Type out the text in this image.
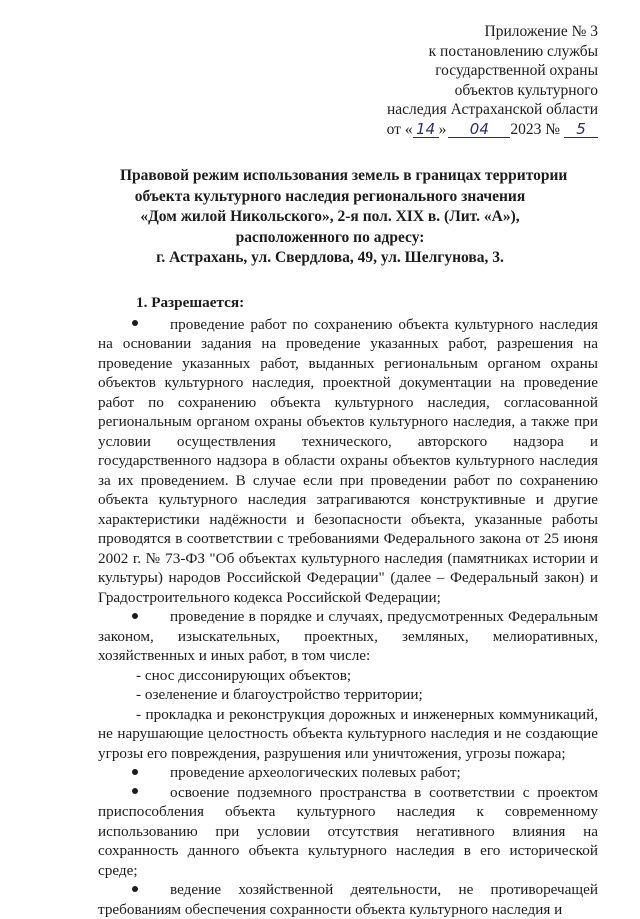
Приложение № 3
к постановлению службы
государственной охраны
объектов культурного
наследия Астраханской области
от « 14 » 04 2023 № 5
Правовой режим использования земель в границах территории
объекта культурного наследия регионального значения
«Дом жилой Никольского», 2-я пол. XIX в. (Лит. «А»),
расположенного по адресу:
г. Астрахань, ул. Свердлова, 49, ул. Шелгунова, 3.
1. Разрешается:

проведение работ по сохранению объекта культурного наследия на основании задания на проведение указанных работ, разрешения на проведение указанных работ, выданных региональным органом охраны объектов культурного наследия, проектной документации на проведение работ по сохранению объекта культурного наследия, согласованной региональным органом охраны объектов культурного наследия, а также при условии осуществления технического, авторского надзора и государственного надзора в области охраны объектов культурного наследия за их проведением. В случае если при проведении работ по сохранению объекта культурного наследия затрагиваются конструктивные и другие характеристики надёжности и безопасности объекта, указанные работы проводятся в соответствии с требованиями Федерального закона от 25 июня 2002 г. № 73-ФЗ "Об объектах культурного наследия (памятниках истории и культуры) народов Российской Федерации" (далее – Федеральный закон) и Градостроительного кодекса Российской Федерации;

проведение в порядке и случаях, предусмотренных Федеральным законом, изыскательных, проектных, земляных, мелиоративных, хозяйственных и иных работ, в том числе:

- снос диссонирующих объектов;
- озеленение и благоустройство территории;

- прокладка и реконструкция дорожных и инженерных коммуникаций, не нарушающие целостность объекта культурного наследия и не создающие угрозы его повреждения, разрушения или уничтожения, угрозы пожара;

проведение археологических полевых работ;

освоение подземного пространства в соответствии с проектом приспособления объекта культурного наследия к современному использованию при условии отсутствия негативного влияния на сохранность данного объекта культурного наследия в его исторической среде;

ведение хозяйственной деятельности, не противоречащей требованиям обеспечения сохранности объекта культурного наследия и
